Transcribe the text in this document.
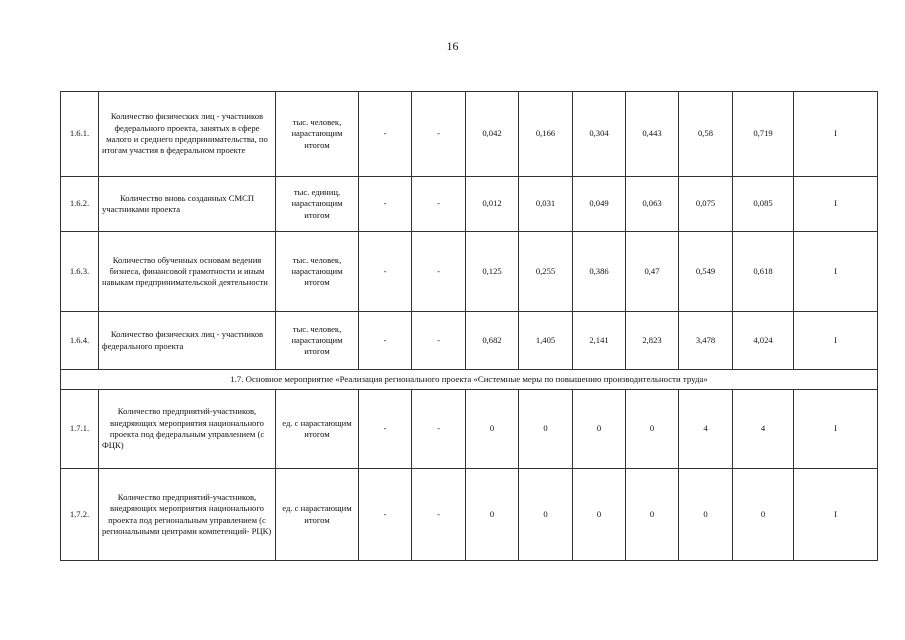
16
1.6.1.	Количество физических лиц - участников федерального проекта, занятых в сфере малого и среднего предпринимательства, по итогам участия в федеральном проекте	тыс. человек, нарастающим итогом	-	-	0,042	0,166	0,304	0,443	0,58	0,719	I
1.6.2.	Количество вновь созданных СМСП участниками проекта	тыс. единиц, нарастающим итогом	-	-	0,012	0,031	0,049	0,063	0,075	0,085	I
1.6.3.	Количество обученных основам ведения бизнеса, финансовой грамотности и иным навыкам предпринимательской деятельности	тыс. человек, нарастающим итогом	-	-	0,125	0,255	0,386	0,47	0,549	0,618	I
1.6.4.	Количество физических лиц - участников федерального проекта	тыс. человек, нарастающим итогом	-	-	0,682	1,405	2,141	2,823	3,478	4,024	I
1.7. Основное мероприятие «Реализация регионального проекта «Системные меры по повышению производительности труда»											
1.7.1.	Количество предприятий-участников, внедряющих мероприятия национального проекта под федеральным управлением (с ФЦК)	ед. с нарастающим итогом	-	-	0	0	0	0	4	4	I
1.7.2.	Количество предприятий-участников, внедряющих мероприятия национального проекта под региональным управлением (с региональными центрами компетенций- РЦК)	ед. с нарастающим итогом	-	-	0	0	0	0	0	0	I
